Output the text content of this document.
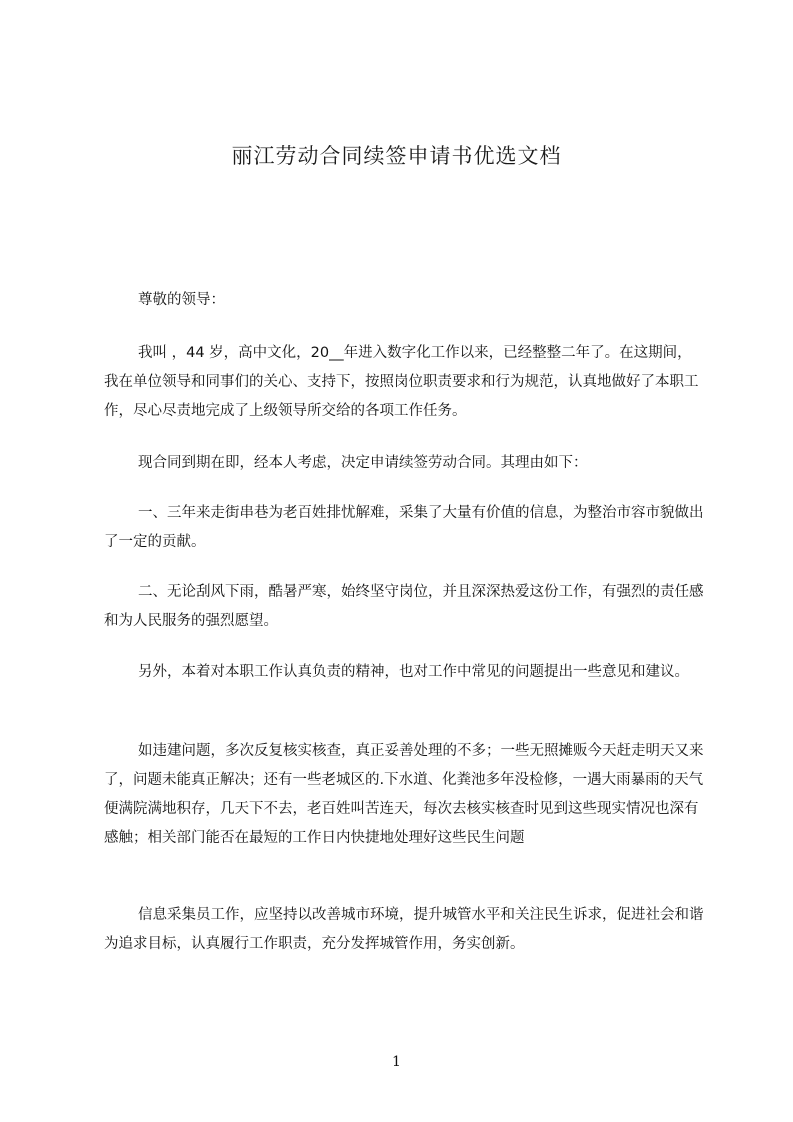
丽江劳动合同续签申请书优选文档

尊敬的领导：

我叫 ，44 岁，高中文化，20__年进入数字化工作以来，已经整整二年了。在这期间，我在单位领导和同事们的关心、支持下，按照岗位职责要求和行为规范，认真地做好了本职工作，尽心尽责地完成了上级领导所交给的各项工作任务。

现合同到期在即，经本人考虑，决定申请续签劳动合同。其理由如下：

一、三年来走街串巷为老百姓排忧解难，采集了大量有价值的信息，为整治市容市貌做出了一定的贡献。

二、无论刮风下雨，酷暑严寒，始终坚守岗位，并且深深热爱这份工作，有强烈的责任感和为人民服务的强烈愿望。

另外，本着对本职工作认真负责的精神，也对工作中常见的问题提出一些意见和建议。

如违建问题，多次反复核实核查，真正妥善处理的不多；一些无照摊贩今天赶走明天又来了，问题未能真正解决；还有一些老城区的.下水道、化粪池多年没检修，一遇大雨暴雨的天气便满院满地积存，几天下不去，老百姓叫苦连天，每次去核实核查时见到这些现实情况也深有感触；相关部门能否在最短的工作日内快捷地处理好这些民生问题

信息采集员工作，应坚持以改善城市环境，提升城管水平和关注民生诉求，促进社会和谐为追求目标，认真履行工作职责，充分发挥城管作用，务实创新。

1
